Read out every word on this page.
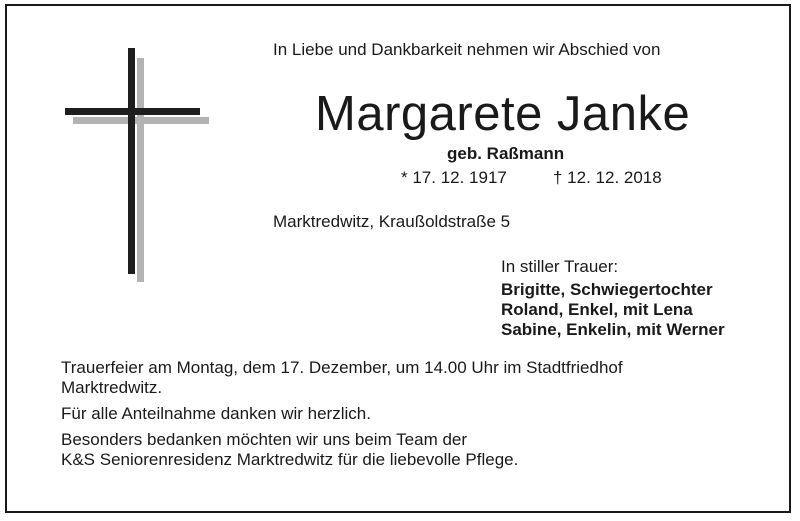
In Liebe und Dankbarkeit nehmen wir Abschied von
Margarete Janke
geb. Raßmann
* 17. 12. 1917	† 12. 12. 2018
Marktredwitz, Kraußoldstraße 5
In stiller Trauer:
Brigitte, Schwiegertochter
Roland, Enkel, mit Lena
Sabine, Enkelin, mit Werner

Trauerfeier am Montag, dem 17. Dezember, um 14.00 Uhr im Stadtfriedhof
Marktredwitz.

Für alle Anteilnahme danken wir herzlich.

Besonders bedanken möchten wir uns beim Team der
K&S Seniorenresidenz Marktredwitz für die liebevolle Pflege.
